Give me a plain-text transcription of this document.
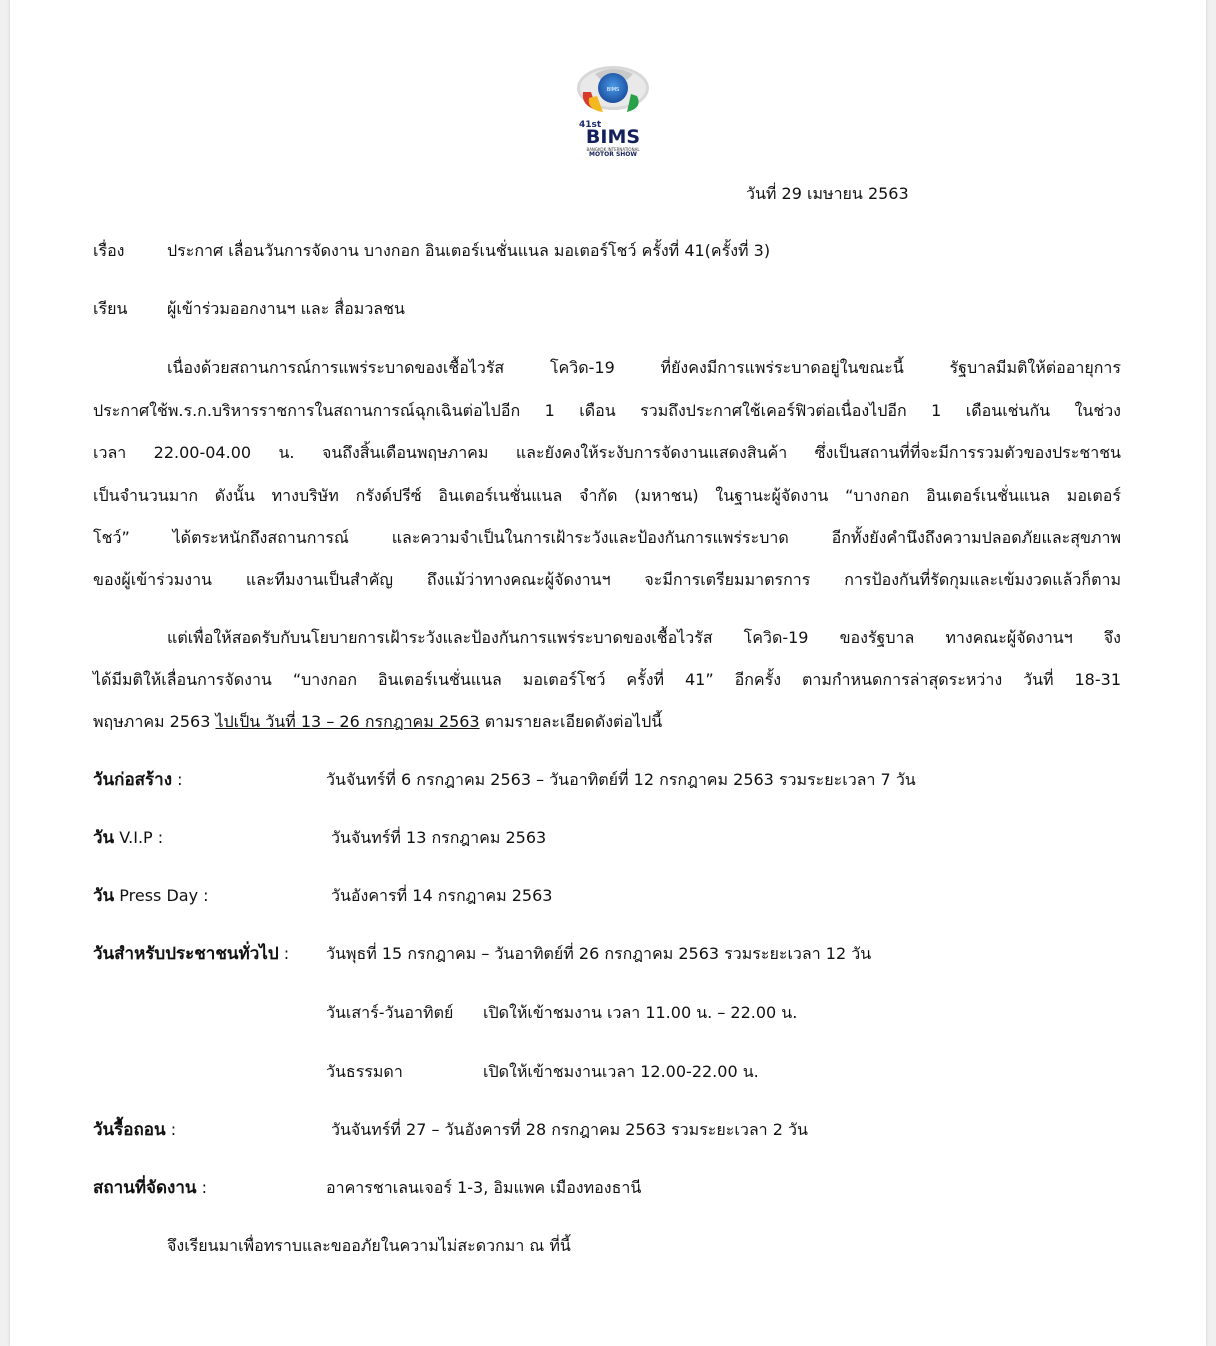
BIMS
41st
BIMS
BANGKOK INTERNATIONAL
MOTOR SHOW
วันที่ 29 เมษายน 2563
เรื่อง	ประกาศ เลื่อนวันการจัดงาน บางกอก อินเตอร์เนชั่นแนล มอเตอร์โชว์ ครั้งที่ 41(ครั้งที่ 3)
เรียน ผู้เข้าร่วมออกงานฯ และ สื่อมวลชน
เนื่องด้วยสถานการณ์การแพร่ระบาดของเชื้อไวรัส โควิด-19 ที่ยังคงมีการแพร่ระบาดอยู่ในขณะนี้ รัฐบาลมีมติให้ต่ออายุการ
ประกาศใช้พ.ร.ก.บริหารราชการในสถานการณ์ฉุกเฉินต่อไปอีก 1 เดือน รวมถึงประกาศใช้เคอร์ฟิวต่อเนื่องไปอีก 1 เดือนเช่นกัน ในช่วง
เวลา 22.00-04.00 น. จนถึงสิ้นเดือนพฤษภาคม และยังคงให้ระงับการจัดงานแสดงสินค้า ซึ่งเป็นสถานที่ที่จะมีการรวมตัวของประชาชน
เป็นจำนวนมาก ดังนั้น ทางบริษัท กรังด์ปรีซ์ อินเตอร์เนชั่นแนล จำกัด (มหาชน) ในฐานะผู้จัดงาน “บางกอก อินเตอร์เนชั่นแนล มอเตอร์
โชว์” ได้ตระหนักถึงสถานการณ์ และความจำเป็นในการเฝ้าระวังและป้องกันการแพร่ระบาด อีกทั้งยังคำนึงถึงความปลอดภัยและสุขภาพ
ของผู้เข้าร่วมงาน และทีมงานเป็นสำคัญ ถึงแม้ว่าทางคณะผู้จัดงานฯ จะมีการเตรียมมาตรการ การป้องกันที่รัดกุมและเข้มงวดแล้วก็ตาม
แต่เพื่อให้สอดรับกับนโยบายการเฝ้าระวังและป้องกันการแพร่ระบาดของเชื้อไวรัส โควิด-19 ของรัฐบาล ทางคณะผู้จัดงานฯ จึง
ได้มีมติให้เลื่อนการจัดงาน “บางกอก อินเตอร์เนชั่นแนล มอเตอร์โชว์ ครั้งที่ 41” อีกครั้ง ตามกำหนดการล่าสุดระหว่าง วันที่ 18-31
พฤษภาคม 2563 ไปเป็น วันที่ 13 – 26 กรกฎาคม 2563 ตามรายละเอียดดังต่อไปนี้
วันก่อสร้าง :	วันจันทร์ที่ 6 กรกฎาคม 2563 – วันอาทิตย์ที่ 12 กรกฎาคม 2563 รวมระยะเวลา 7 วัน
วัน V.I.P :	วันจันทร์ที่ 13 กรกฎาคม 2563
วัน Press Day :	วันอังคารที่ 14 กรกฎาคม 2563
วันสำหรับประชาชนทั่วไป : วันพุธที่ 15 กรกฎาคม – วันอาทิตย์ที่ 26 กรกฎาคม 2563 รวมระยะเวลา 12 วัน
วันเสาร์-วันอาทิตย์ เปิดให้เข้าชมงาน เวลา 11.00 น. – 22.00 น.
วันธรรมดา	เปิดให้เข้าชมงานเวลา 12.00-22.00 น.
วันรื้อถอน :	วันจันทร์ที่ 27 – วันอังคารที่ 28 กรกฎาคม 2563 รวมระยะเวลา 2 วัน
สถานที่จัดงาน :	อาคารชาเลนเจอร์ 1-3, อิมแพค เมืองทองธานี
จึงเรียนมาเพื่อทราบและขออภัยในความไม่สะดวกมา ณ ที่นี้
